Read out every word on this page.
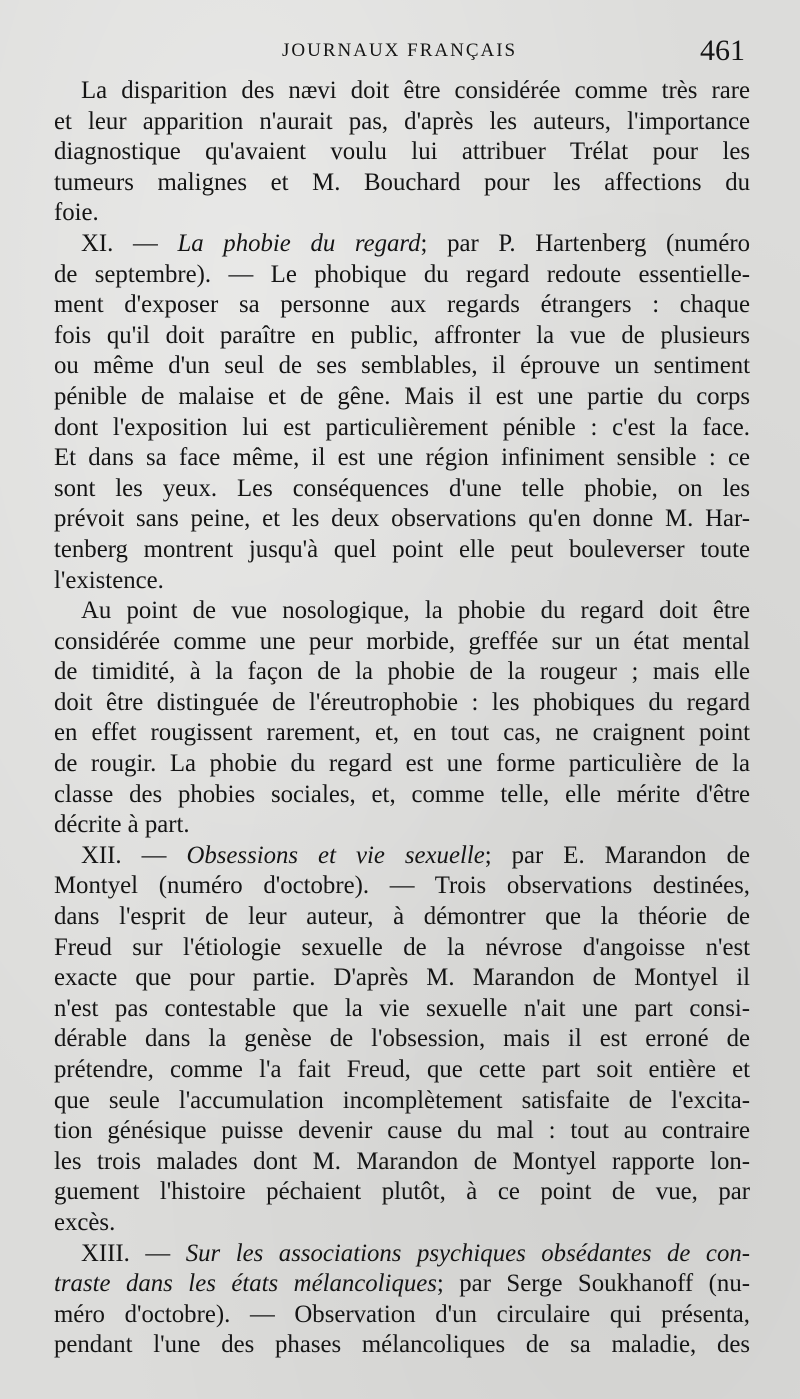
JOURNAUX FRANÇAIS	461
La disparition des nævi doit être considérée comme très rare
et leur apparition n'aurait pas, d'après les auteurs, l'importance
diagnostique qu'avaient voulu lui attribuer Trélat pour les
tumeurs malignes et M. Bouchard pour les affections du
foie.
XI. — La phobie du regard; par P. Hartenberg (numéro
de septembre). — Le phobique du regard redoute essentielle-
ment d'exposer sa personne aux regards étrangers : chaque
fois qu'il doit paraître en public, affronter la vue de plusieurs
ou même d'un seul de ses semblables, il éprouve un sentiment
pénible de malaise et de gêne. Mais il est une partie du corps
dont l'exposition lui est particulièrement pénible : c'est la face.
Et dans sa face même, il est une région infiniment sensible : ce
sont les yeux. Les conséquences d'une telle phobie, on les
prévoit sans peine, et les deux observations qu'en donne M. Har-
tenberg montrent jusqu'à quel point elle peut bouleverser toute
l'existence.
Au point de vue nosologique, la phobie du regard doit être
considérée comme une peur morbide, greffée sur un état mental
de timidité, à la façon de la phobie de la rougeur ; mais elle
doit être distinguée de l'éreutrophobie : les phobiques du regard
en effet rougissent rarement, et, en tout cas, ne craignent point
de rougir. La phobie du regard est une forme particulière de la
classe des phobies sociales, et, comme telle, elle mérite d'être
décrite à part.
XII. — Obsessions et vie sexuelle; par E. Marandon de
Montyel (numéro d'octobre). — Trois observations destinées,
dans l'esprit de leur auteur, à démontrer que la théorie de
Freud sur l'étiologie sexuelle de la névrose d'angoisse n'est
exacte que pour partie. D'après M. Marandon de Montyel il
n'est pas contestable que la vie sexuelle n'ait une part consi-
dérable dans la genèse de l'obsession, mais il est erroné de
prétendre, comme l'a fait Freud, que cette part soit entière et
que seule l'accumulation incomplètement satisfaite de l'excita-
tion génésique puisse devenir cause du mal : tout au contraire
les trois malades dont M. Marandon de Montyel rapporte lon-
guement l'histoire péchaient plutôt, à ce point de vue, par
excès.
XIII. — Sur les associations psychiques obsédantes de con-
traste dans les états mélancoliques; par Serge Soukhanoff (nu-
méro d'octobre). — Observation d'un circulaire qui présenta,
pendant l'une des phases mélancoliques de sa maladie, des
